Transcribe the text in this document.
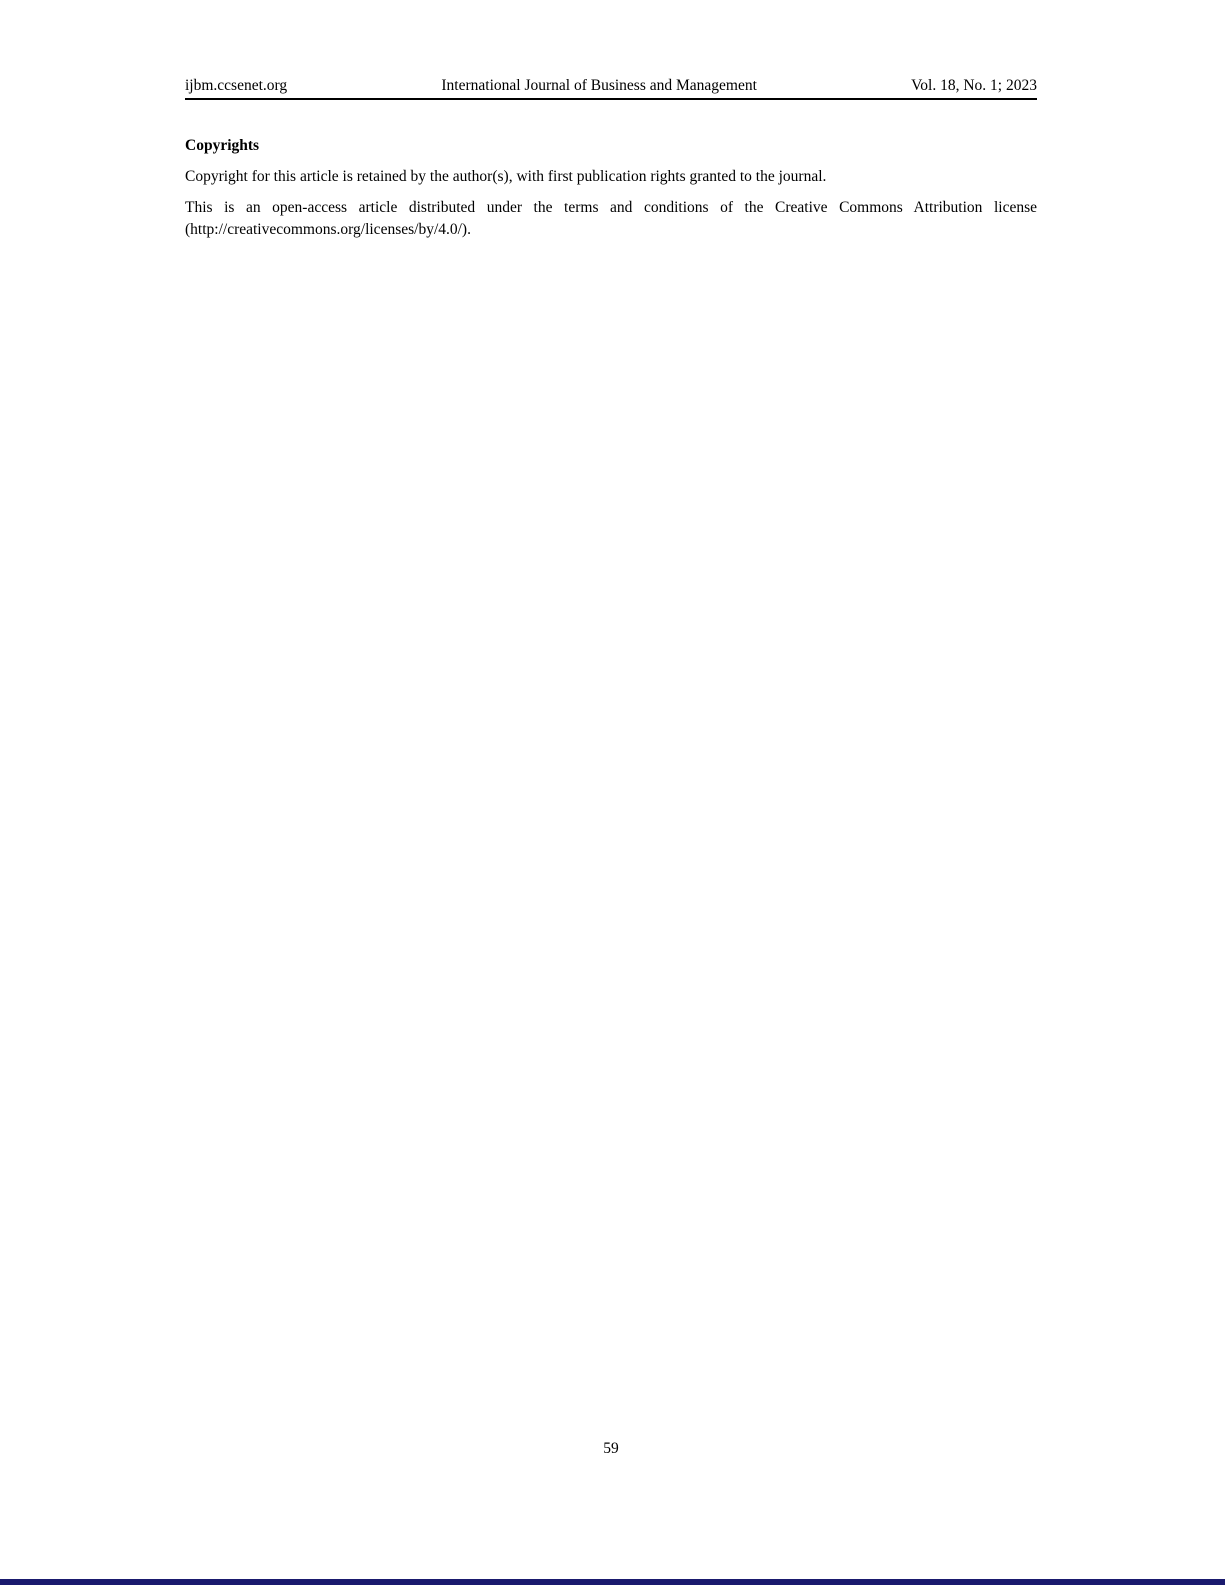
ijbm.ccsenet.org	International Journal of Business and Management	Vol. 18, No. 1; 2023
Copyrights

Copyright for this article is retained by the author(s), with first publication rights granted to the journal.

This is an open-access article distributed under the terms and conditions of the Creative Commons Attribution license (http://creativecommons.org/licenses/by/4.0/).

59
